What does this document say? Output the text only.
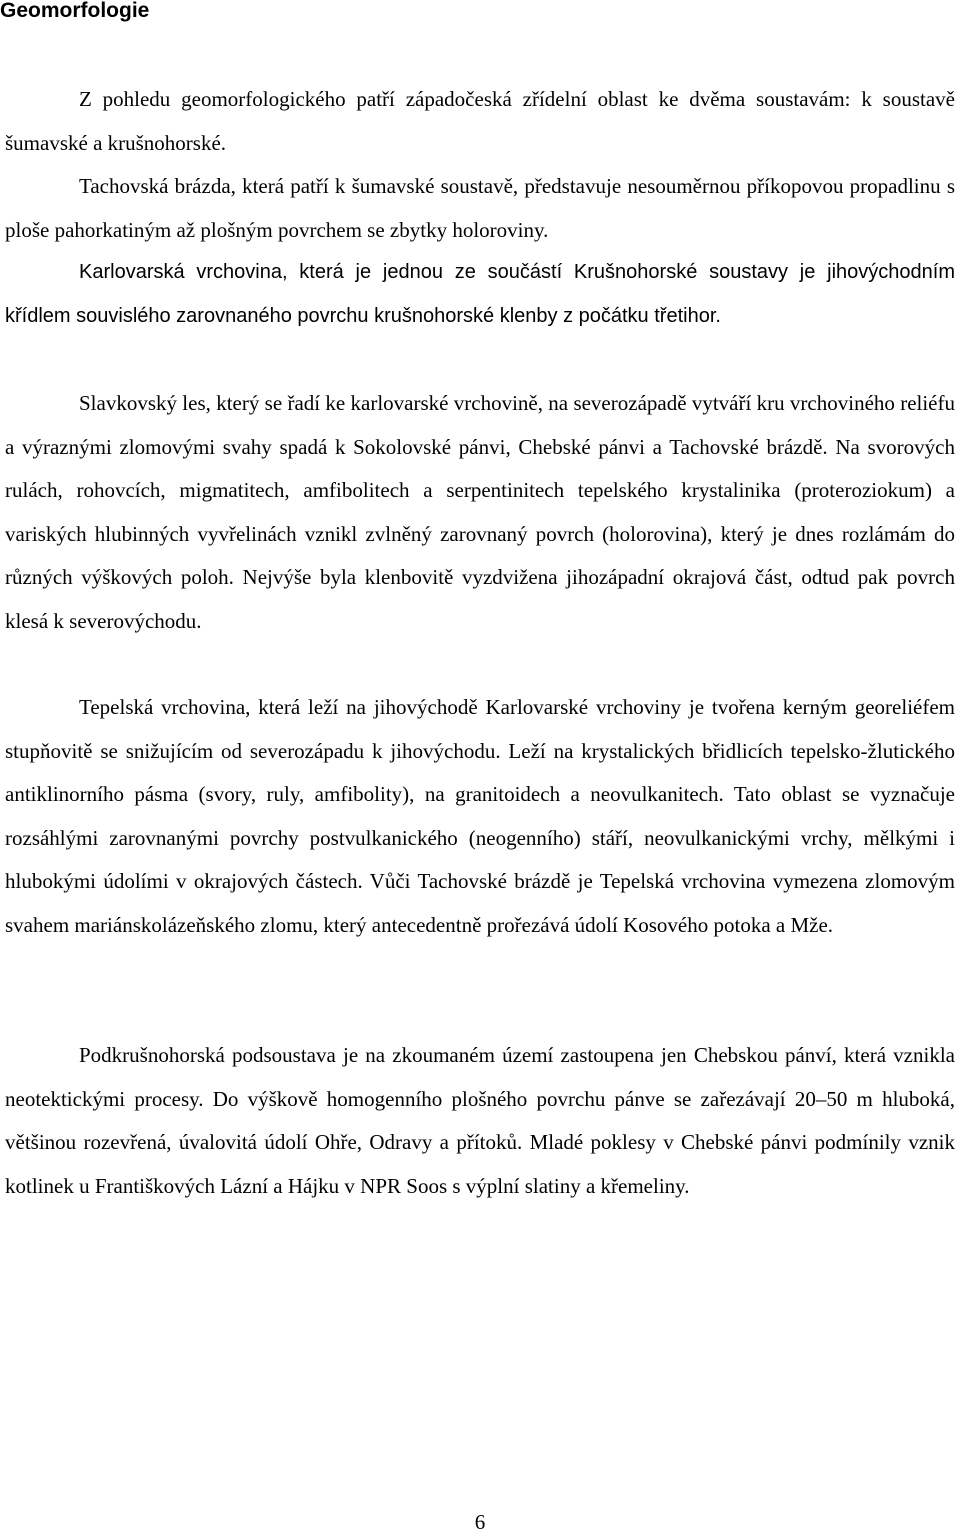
Geomorfologie

Z pohledu geomorfologického patří západočeská zřídelní oblast ke dvěma soustavám: k soustavě šumavské a krušnohorské.

Tachovská brázda, která patří k šumavské soustavě, představuje nesouměrnou příkopovou propadlinu s ploše pahorkatiným až plošným povrchem se zbytky holoroviny.

Karlovarská vrchovina, která je jednou ze součástí Krušnohorské soustavy je jihovýchodním křídlem souvislého zarovnaného povrchu krušnohorské klenby z počátku třetihor.

Slavkovský les, který se řadí ke karlovarské vrchovině, na severozápadě vytváří kru vrchoviného reliéfu a výraznými zlomovými svahy spadá k Sokolovské pánvi, Chebské pánvi a Tachovské brázdě. Na svorových rulách, rohovcích, migmatitech, amfibolitech a serpentinitech tepelského krystalinika (proteroziokum) a variských hlubinných vyvřelinách vznikl zvlněný zarovnaný povrch (holorovina), který je dnes rozlámám do různých výškových poloh. Nejvýše byla klenbovitě vyzdvižena jihozápadní okrajová část, odtud pak povrch klesá k severovýchodu.

Tepelská vrchovina, která leží na jihovýchodě Karlovarské vrchoviny je tvořena kerným georeliéfem stupňovitě se snižujícím od severozápadu k jihovýchodu. Leží na krystalických břidlicích tepelsko-žlutického antiklinorního pásma (svory, ruly, amfibolity), na granitoidech a neovulkanitech. Tato oblast se vyznačuje rozsáhlými zarovnanými povrchy postvulkanického (neogenního) stáří, neovulkanickými vrchy, mělkými i hlubokými údolími v okrajových částech. Vůči Tachovské brázdě je Tepelská vrchovina vymezena zlomovým svahem mariánskolázeňského zlomu, který antecedentně prořezává údolí Kosového potoka a Mže.

Podkrušnohorská podsoustava je na zkoumaném území zastoupena jen Chebskou pánví, která vznikla neotektickými procesy. Do výškově homogenního plošného povrchu pánve se zařezávají 20–50 m hluboká, většinou rozevřená, úvalovitá údolí Ohře, Odravy a přítoků. Mladé poklesy v Chebské pánvi podmínily vznik kotlinek u Františkových Lázní a Hájku v NPR Soos s výplní slatiny a křemeliny.

6
